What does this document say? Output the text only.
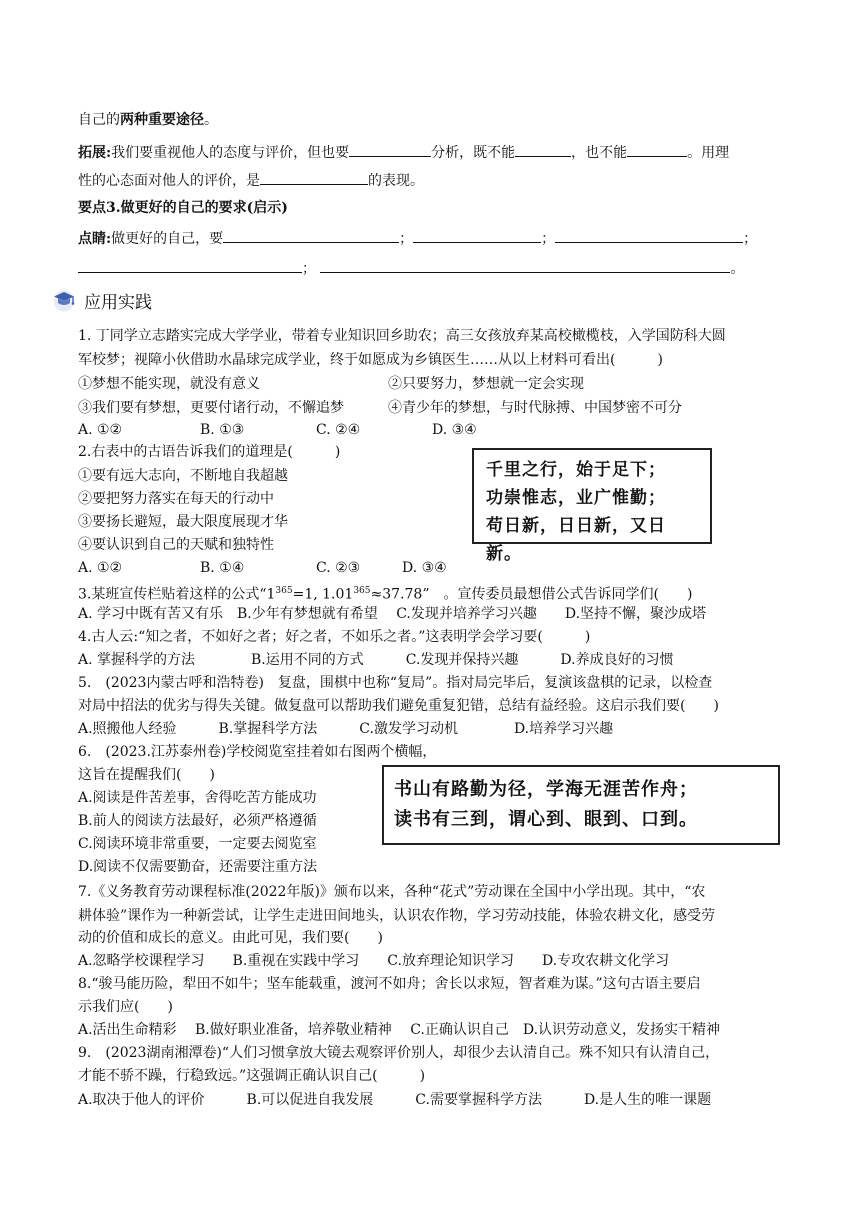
自己的两种重要途径。
拓展:我们要重视他人的态度与评价，但也要	分析，既不能	，也不能	。用理
性的心态面对他人的评价，是	的表现。
要点3.做更好的自己的要求(启示)
点睛:做更好的自己，要	；	；	；
；	。
应用实践
1. 丁同学立志踏实完成大学学业，带着专业知识回乡助农；高三女孩放弃某高校橄榄枝，入学国防科大圆
军校梦；视障小伙借助水晶球完成学业，终于如愿成为乡镇医生……从以上材料可看出(　　　)
①梦想不能实现，就没有意义	②只要努力，梦想就一定会实现
③我们要有梦想，更要付诸行动，不懈追梦	④青少年的梦想，与时代脉搏、中国梦密不可分
A. ①②	B. ①③	C. ②④	D. ③④
2.右表中的古语告诉我们的道理是(　　　)
①要有远大志向，不断地自我超越
②要把努力落实在每天的行动中
③要扬长避短，最大限度展现才华
④要认识到自己的天赋和独特性
A. ①②	B. ①④	C. ②③	D. ③④
千里之行，始于足下；
功崇惟志，业广惟勤；
苟日新，日日新，又日新。
3.某班宣传栏贴着这样的公式“$1^{365}=1$, $1.01^{365}\approx 37.78$”　。宣传委员最想借公式告诉同学们(　　)
A. 学习中既有苦又有乐　B.少年有梦想就有希望　 C.发现并培养学习兴趣　　D.坚持不懈，聚沙成塔
4.古人云:“知之者，不如好之者；好之者，不如乐之者。”这表明学会学习要(　　　)
A. 掌握科学的方法　　　　B.运用不同的方式　　　C.发现并保持兴趣　　　D.养成良好的习惯
5.　(2023内蒙古呼和浩特卷)　复盘，围棋中也称“复局”。指对局完毕后，复演该盘棋的记录，以检查
对局中招法的优劣与得失关键。做复盘可以帮助我们避免重复犯错，总结有益经验。这启示我们要(　　)
A.照搬他人经验　　　B.掌握科学方法　　　C.激发学习动机　　　　D.培养学习兴趣
6.　(2023.江苏泰州卷)学校阅览室挂着如右图两个横幅，
这旨在提醒我们(　　)
A.阅读是件苦差事，舍得吃苦方能成功
B.前人的阅读方法最好，必须严格遵循
C.阅读环境非常重要，一定要去阅览室
D.阅读不仅需要勤奋，还需要注重方法
书山有路勤为径，学海无涯苦作舟；
读书有三到，谓心到、眼到、口到。
7.《义务教育劳动课程标准(2022年版)》颁布以来，各种“花式”劳动课在全国中小学出现。其中，“农
耕体验”课作为一种新尝试，让学生走进田间地头，认识农作物，学习劳动技能，体验农耕文化，感受劳
动的价值和成长的意义。由此可见，我们要(　　)
A.忽略学校课程学习　　B.重视在实践中学习　　C.放弃理论知识学习　　D.专攻农耕文化学习
8.“骏马能历险，犁田不如牛；坚车能载重，渡河不如舟；舍长以求短，智者难为谋。”这句古语主要启
示我们应(　　)
A.活出生命精彩　 B.做好职业准备，培养敬业精神　 C.正确认识自己　D.认识劳动意义，发扬实干精神
9.　(2023湖南湘潭卷)“人们习惯拿放大镜去观察评价别人，却很少去认清自己。殊不知只有认清自己，
才能不骄不躁，行稳致远。”这强调正确认识自己(　　　)
A.取决于他人的评价　　　B.可以促进自我发展　　　C.需要掌握科学方法　　　D.是人生的唯一课题
